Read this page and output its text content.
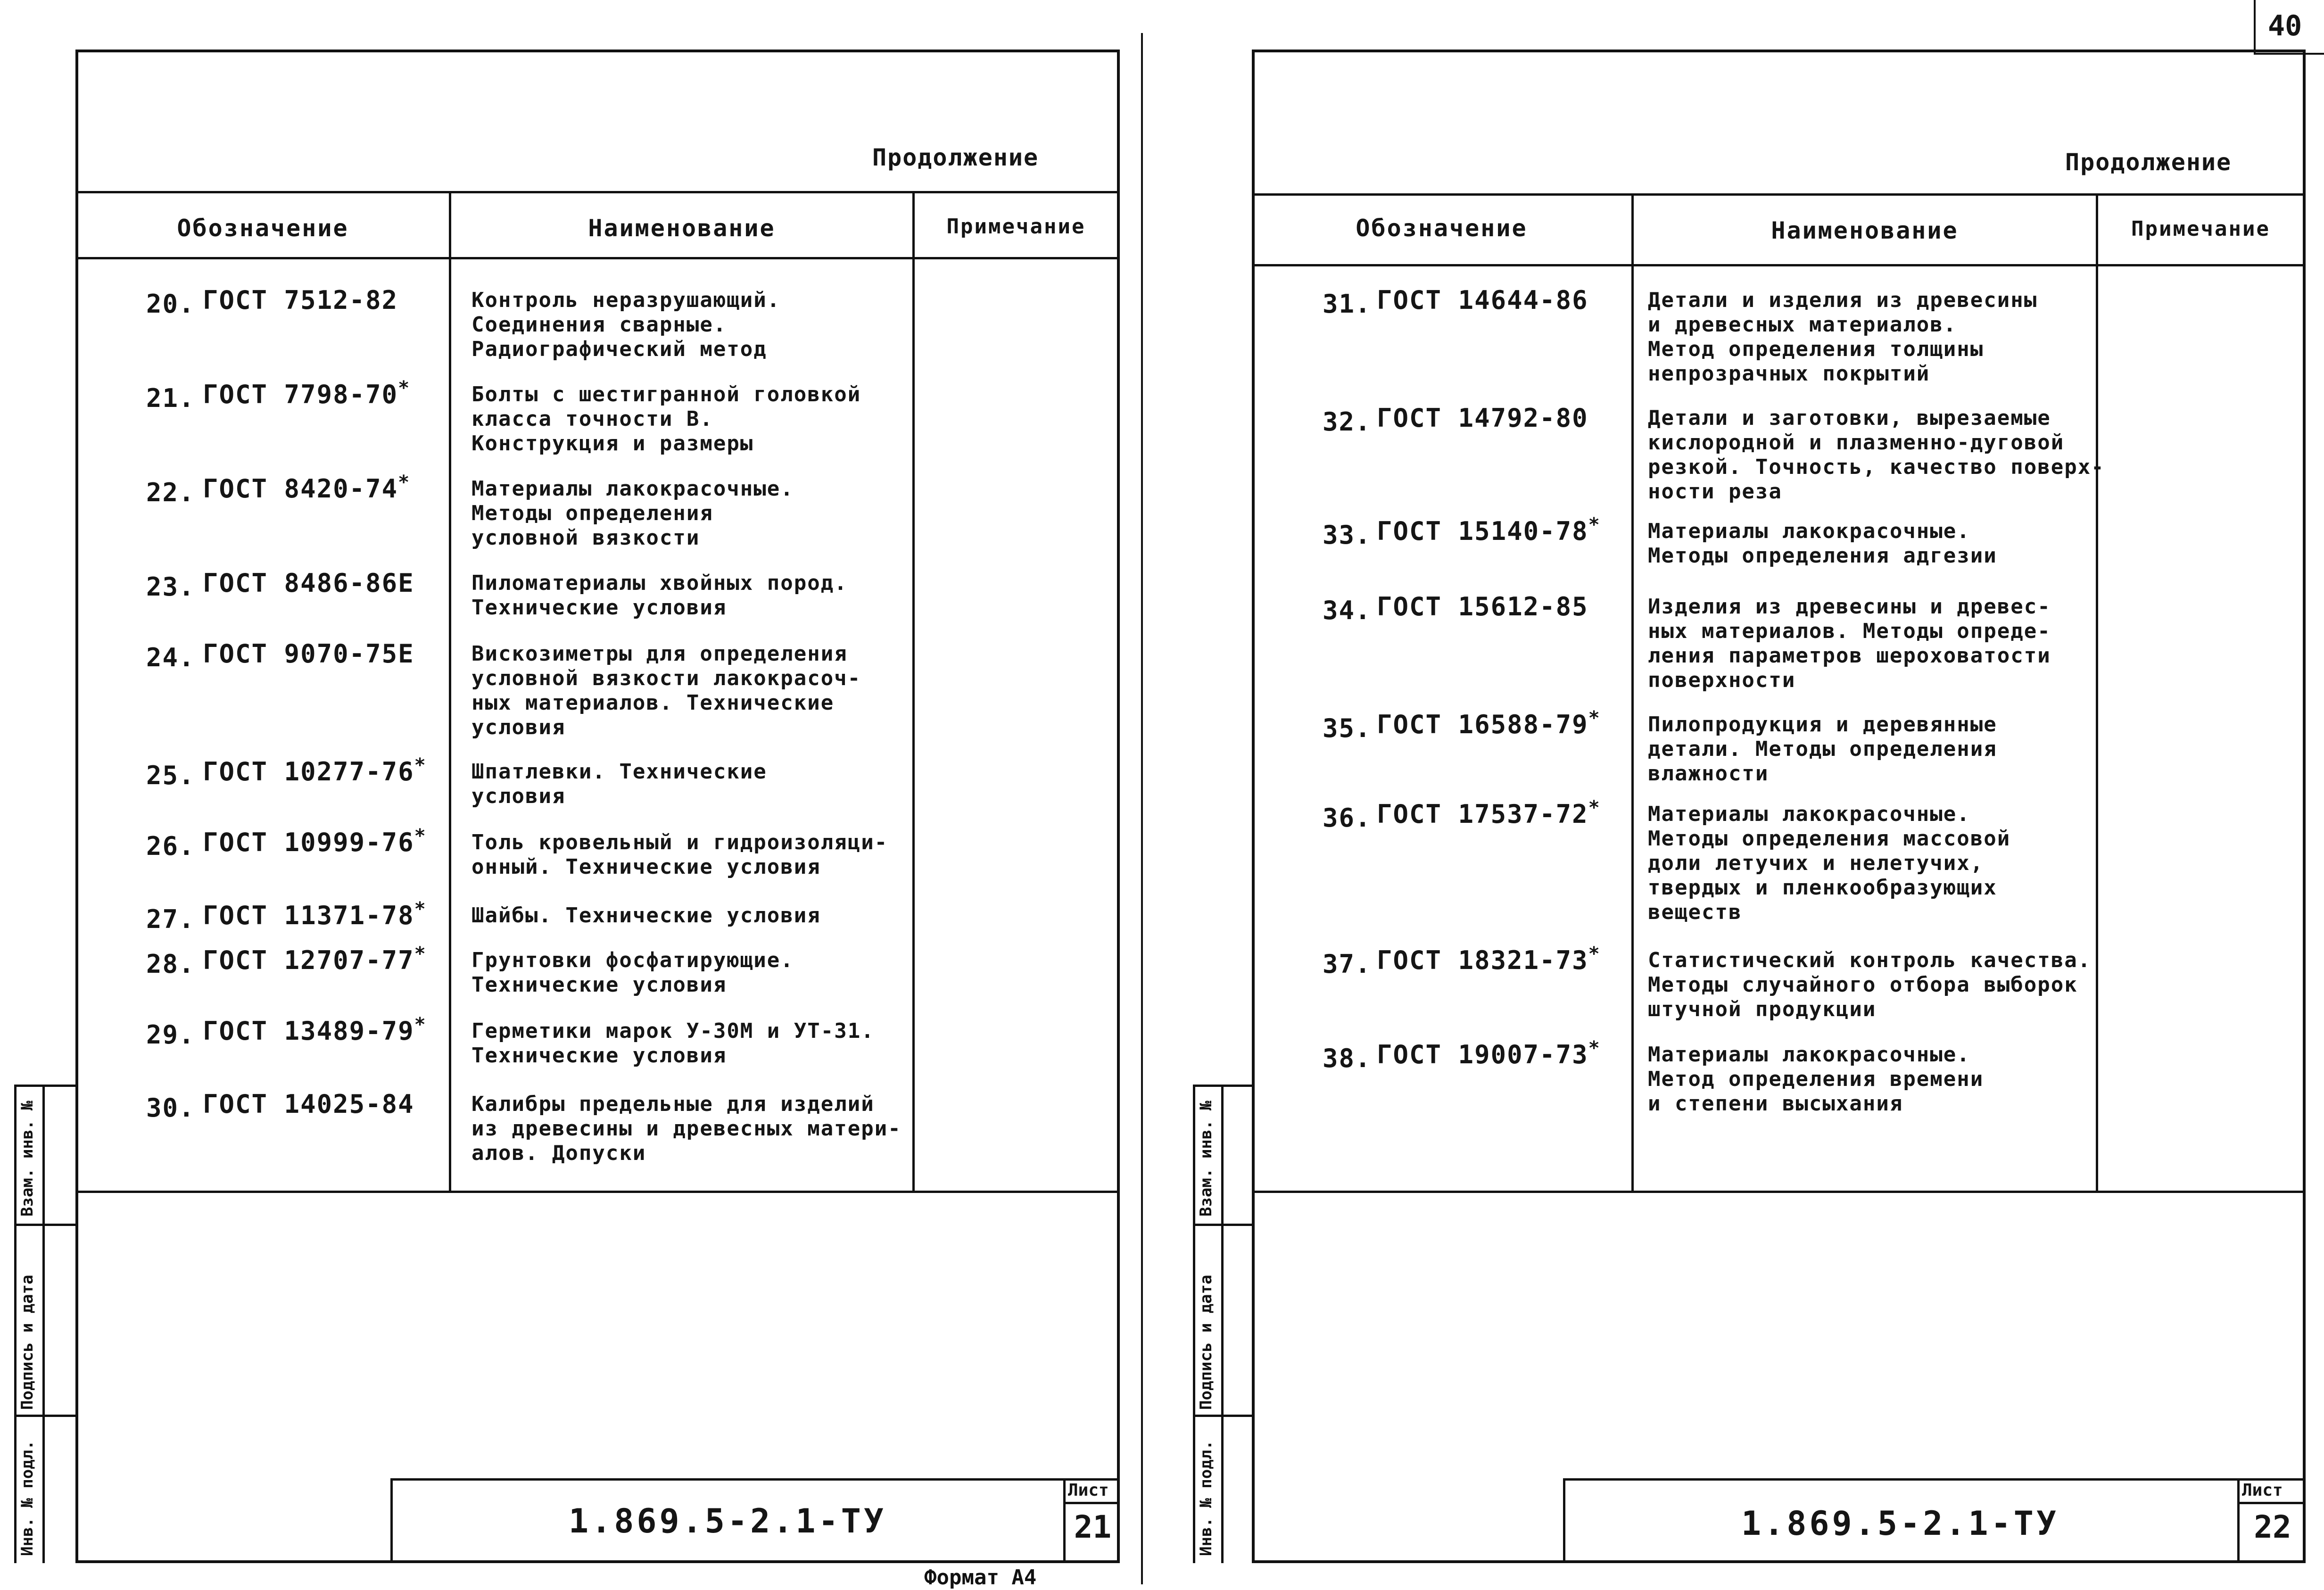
Продолжение
Обозначение	Наименование	Примечание
20. ГОСТ 7512-82	Контроль неразрушающий.
Соединения сварные.
Радиографический метод
21. ГОСТ 7798-70*	Болты с шестигранной головкой
класса точности В.
Конструкция и размеры
22. ГОСТ 8420-74*	Материалы лакокрасочные.
Методы определения
условной вязкости
23. ГОСТ 8486-86Е	Пиломатериалы хвойных пород.
Технические условия
24. ГОСТ 9070-75Е	Вискозиметры для определения
условной вязкости лакокрасоч-
ных материалов. Технические
условия
25. ГОСТ 10277-76* Шпатлевки. Технические
условия
26. ГОСТ 10999-76* Толь кровельный и гидроизоляци-
онный. Технические условия
27. ГОСТ 11371-78* Шайбы. Технические условия
28. ГОСТ 12707-77* Грунтовки фосфатирующие.
Технические условия
29. ГОСТ 13489-79* Герметики марок У-30М и УТ-31.
Технические условия
30. ГОСТ 14025-84	Калибры предельные для изделий
из древесины и древесных матери-
алов. Допуски
Инв. № подл.
Подпись и дата
Взам. инв. №
1.869.5-2.1-ТУ
Лист
21
Формат А4
Продолжение
Обозначение	Наименование	Примечание
31. ГОСТ 14644-86	Детали и изделия из древесины
и древесных материалов.
Метод определения толщины
непрозрачных покрытий
32. ГОСТ 14792-80	Детали и заготовки, вырезаемые
кислородной и плазменно-дуговой
резкой. Точность, качество поверх-
ности реза
33. ГОСТ 15140-78* Материалы лакокрасочные.
Методы определения адгезии
34. ГОСТ 15612-85	Изделия из древесины и древес-
ных материалов. Методы опреде-
ления параметров шероховатости
поверхности
35. ГОСТ 16588-79* Пилопродукция и деревянные
детали. Методы определения
влажности
36. ГОСТ 17537-72* Материалы лакокрасочные.
Методы определения массовой
доли летучих и нелетучих,
твердых и пленкообразующих
веществ
37. ГОСТ 18321-73* Статистический контроль качества.
Методы случайного отбора выборок
штучной продукции
38. ГОСТ 19007-73* Материалы лакокрасочные.
Метод определения времени
и степени высыхания
Инв. № подл.
Подпись и дата
Взам. инв. №
1.869.5-2.1-ТУ
Лист
22
40
